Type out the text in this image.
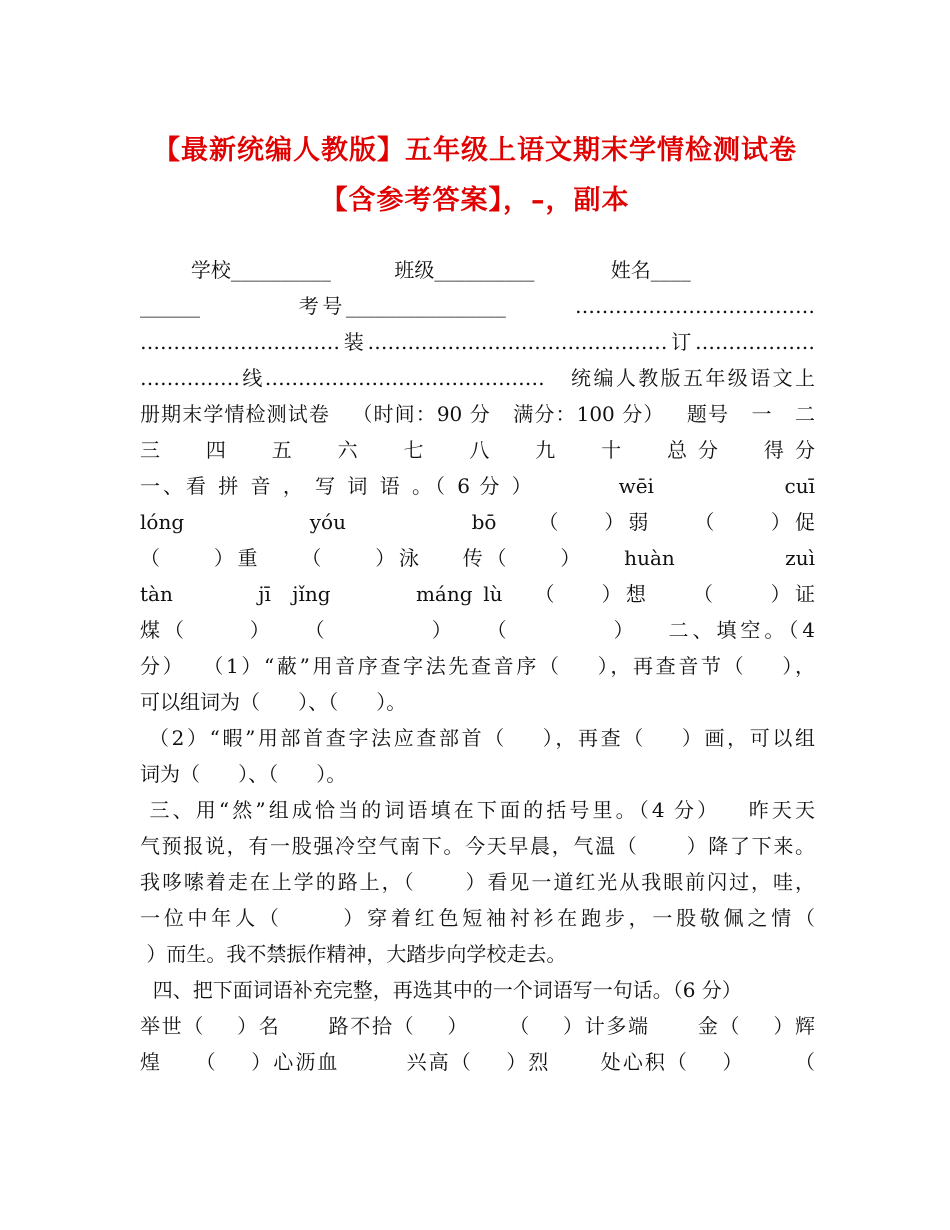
【最新统编人教版】五年级上语文期末学情检测试卷
【含参考答案】，–，副本
学校__________          班级__________            姓名____
______          考号________________       ………………………………
…………………………装………………………………………订………………
……………线……………………………………   统编人教版五年级语文上
册期末学情检测试卷   （时间：90 分   满分：100 分）   题号   一   二
三     四     五     六     七     八     九     十     总 分     得 分
一、看 拼 音 ， 写 词 语 。（ 6 分 ）         wēi              cuī
lóng            yóu            bō    （    ）弱    （     ）促
（     ）重    （     ）泳    传（     ）    huàn           zuì
tàn        jī  jǐng        máng lù   （    ）想    （     ）证
煤（      ）   （          ）   （          ）   二、填空。（4
分）  （1）“蔽”用音序查字法先查音序（    ），再查音节（    ），
可以组词为（      ）、（      ）。
（2）“暇”用部首查字法应查部首（    ），再查（    ）画，可以组
词为（      ）、（      ）。
三、用“然”组成恰当的词语填在下面的括号里。（4 分）   昨天天
气预报说，有一股强冷空气南下。今天早晨，气温（      ）降了下来。
我哆嗦着走在上学的路上，（      ）看见一道红光从我眼前闪过，哇，
一位中年人（      ）穿着红色短袖衬衫在跑步，一股敬佩之情（
）而生。我不禁振作精神，大踏步向学校走去。
四、把下面词语补充完整，再选其中的一个词语写一句话。（6 分）
举世（    ）名      路不拾（    ）     （    ）计多端      金（    ）辉
煌    （    ）心沥血        兴高（    ）烈      处心积（    ）      （
